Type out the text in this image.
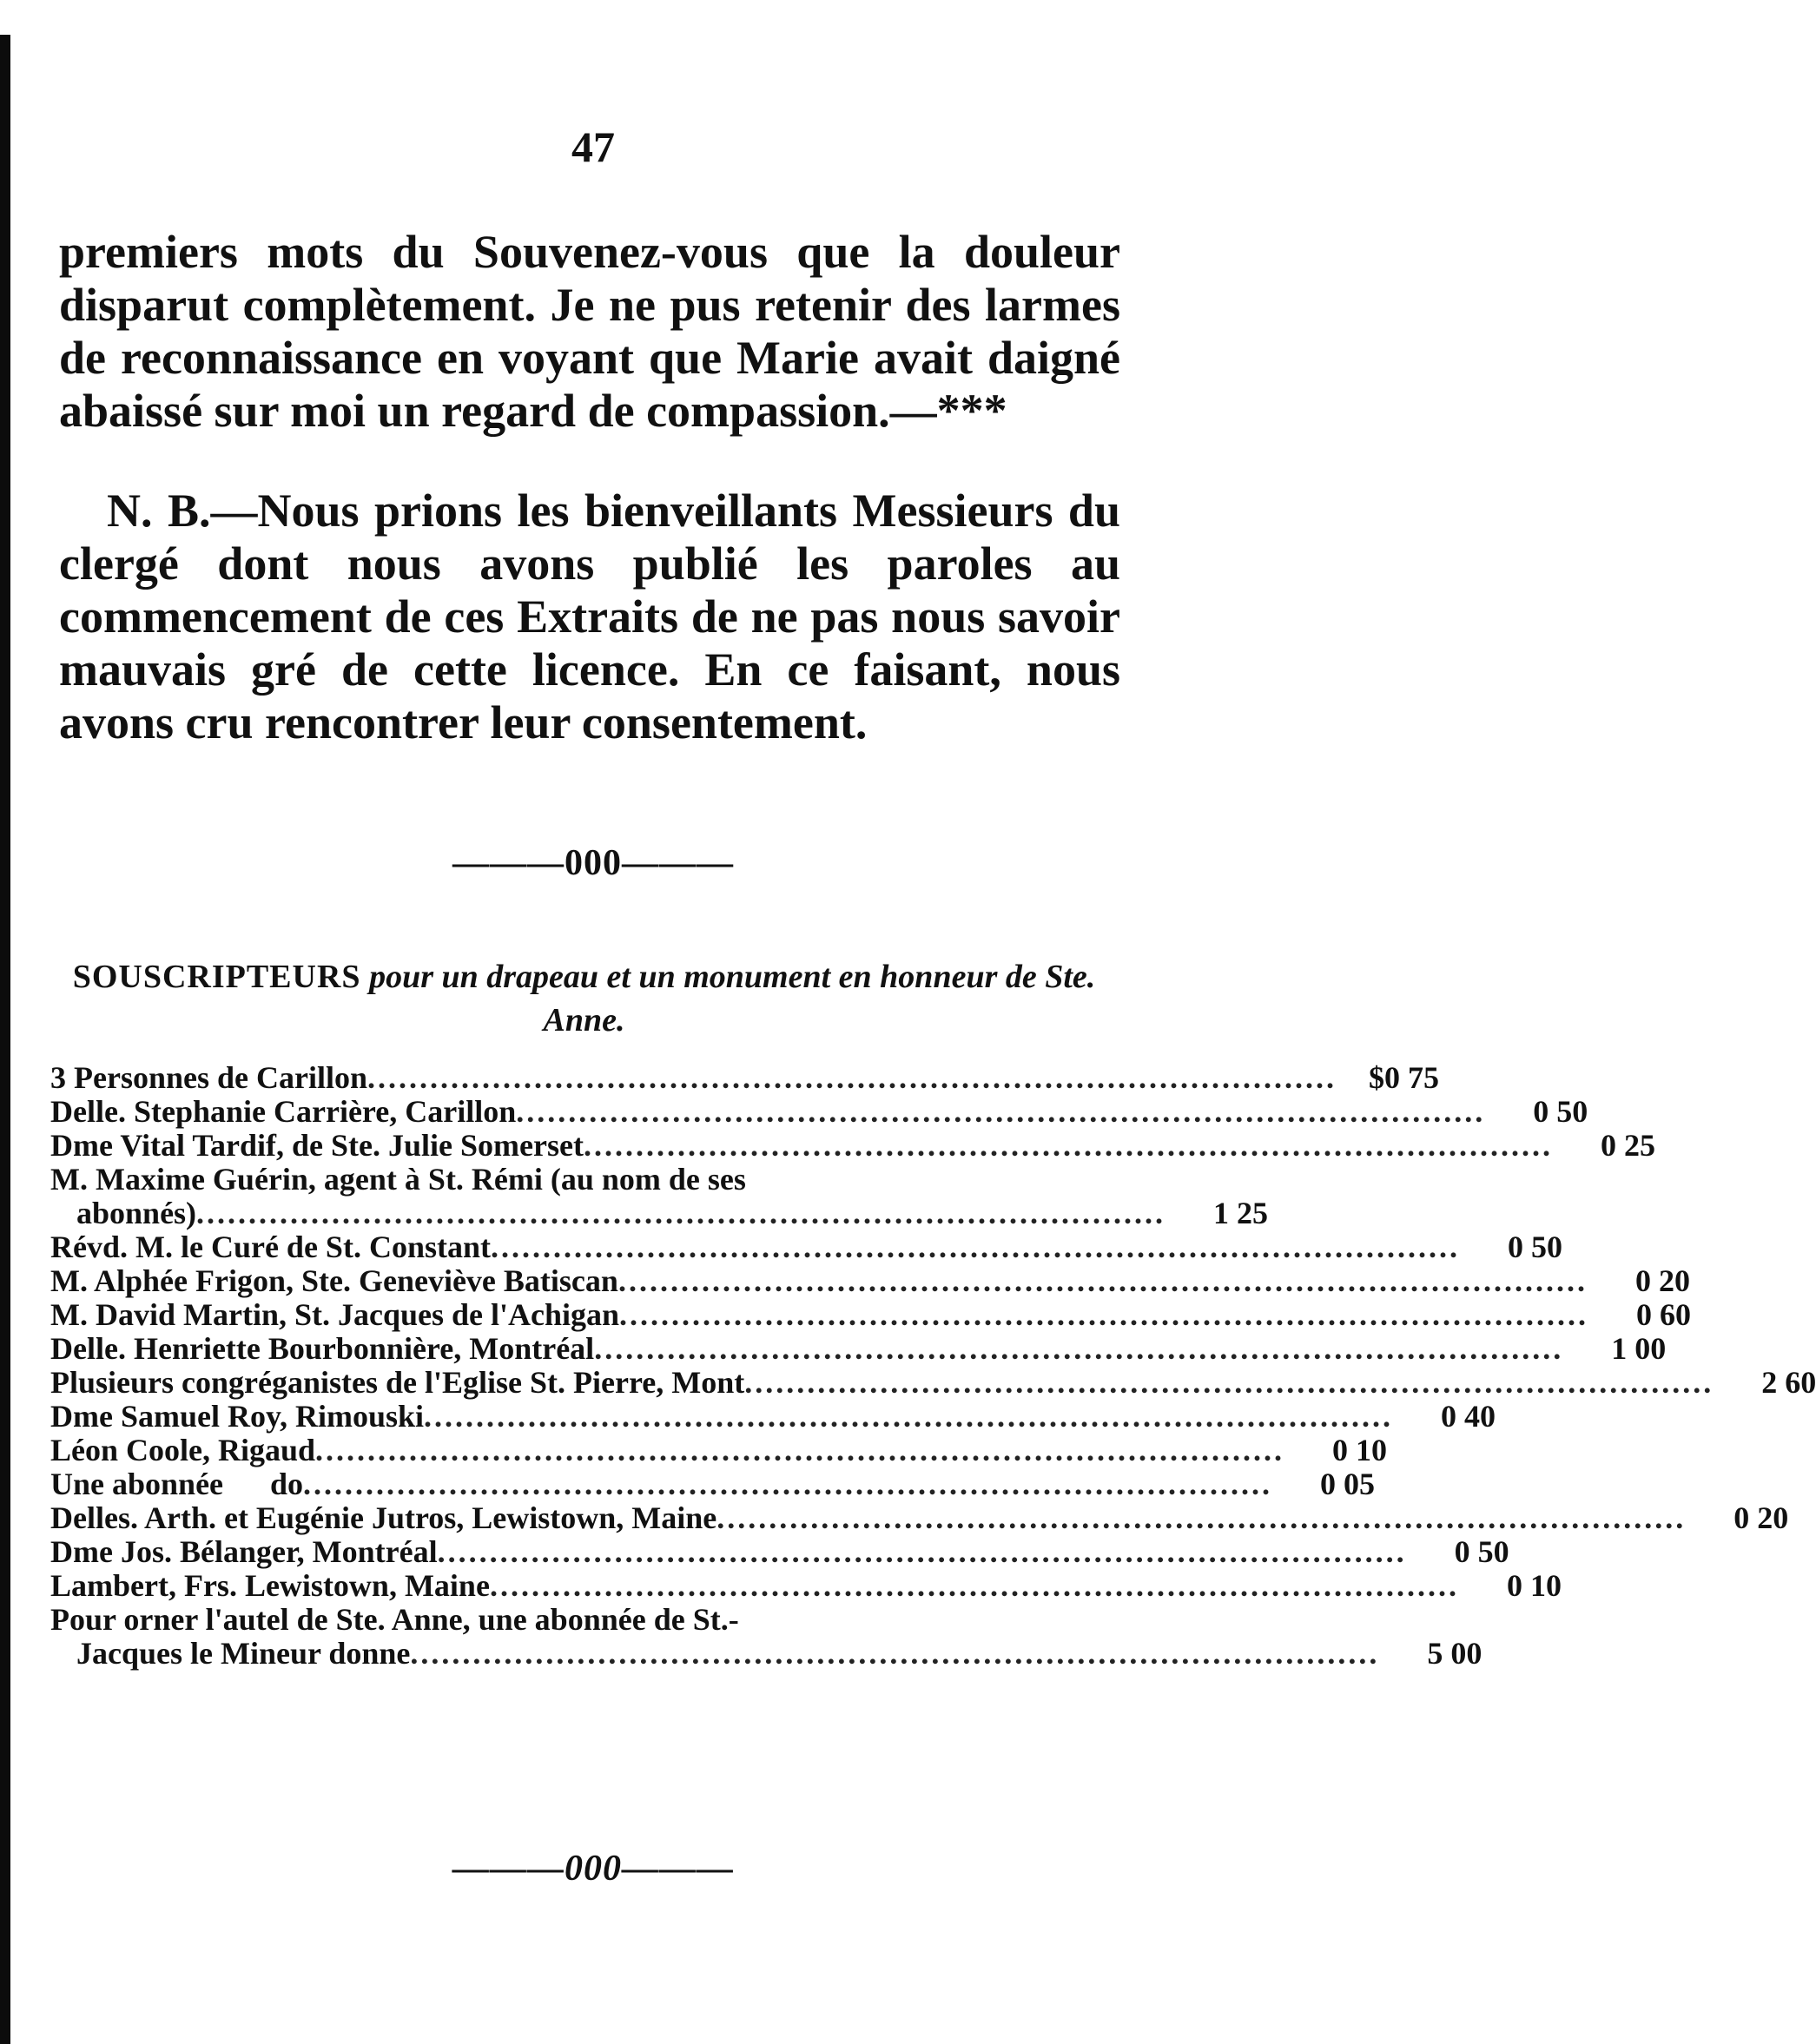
47

premiers mots du Souvenez-vous que la douleur disparut complètement. Je ne pus retenir des larmes de reconnaissance en voyant que Marie avait daigné abaissé sur moi un regard de compassion.—***

N. B.—Nous prions les bienveillants Messieurs du clergé dont nous avons publié les paroles au commencement de ces Extraits de ne pas nous savoir mauvais gré de cette licence. En ce faisant, nous avons cru rencontrer leur consentement.

———000———

SOUSCRIPTEURS pour un drapeau et un monument en honneur de Ste. Anne.

3 Personnes de Carillon .............................................................................................	$0 75
Delle. Stephanie Carrière, Carillon .............................................................................................	0 50
Dme Vital Tardif, de Ste. Julie Somerset .............................................................................................	0 25
M. Maxime Guérin, agent à St. Rémi (au nom de ses
abonnés) .............................................................................................	1 25
Révd. M. le Curé de St. Constant .............................................................................................	0 50
M. Alphée Frigon, Ste. Geneviève Batiscan .............................................................................................	0 20
M. David Martin, St. Jacques de l'Achigan .............................................................................................	0 60
Delle. Henriette Bourbonnière, Montréal .............................................................................................	1 00
Plusieurs congréganistes de l'Eglise St. Pierre, Mont .............................................................................................	2 60
Dme Samuel Roy, Rimouski .............................................................................................	0 40
Léon Coole, Rigaud .............................................................................................	0 10
Une abonnée      do .............................................................................................	0 05
Delles. Arth. et Eugénie Jutros, Lewistown, Maine .............................................................................................	0 20
Dme Jos. Bélanger, Montréal .............................................................................................	0 50
Lambert, Frs. Lewistown, Maine .............................................................................................	0 10
Pour orner l'autel de Ste. Anne, une abonnée de St.-
Jacques le Mineur donne .............................................................................................	5 00
———000———
